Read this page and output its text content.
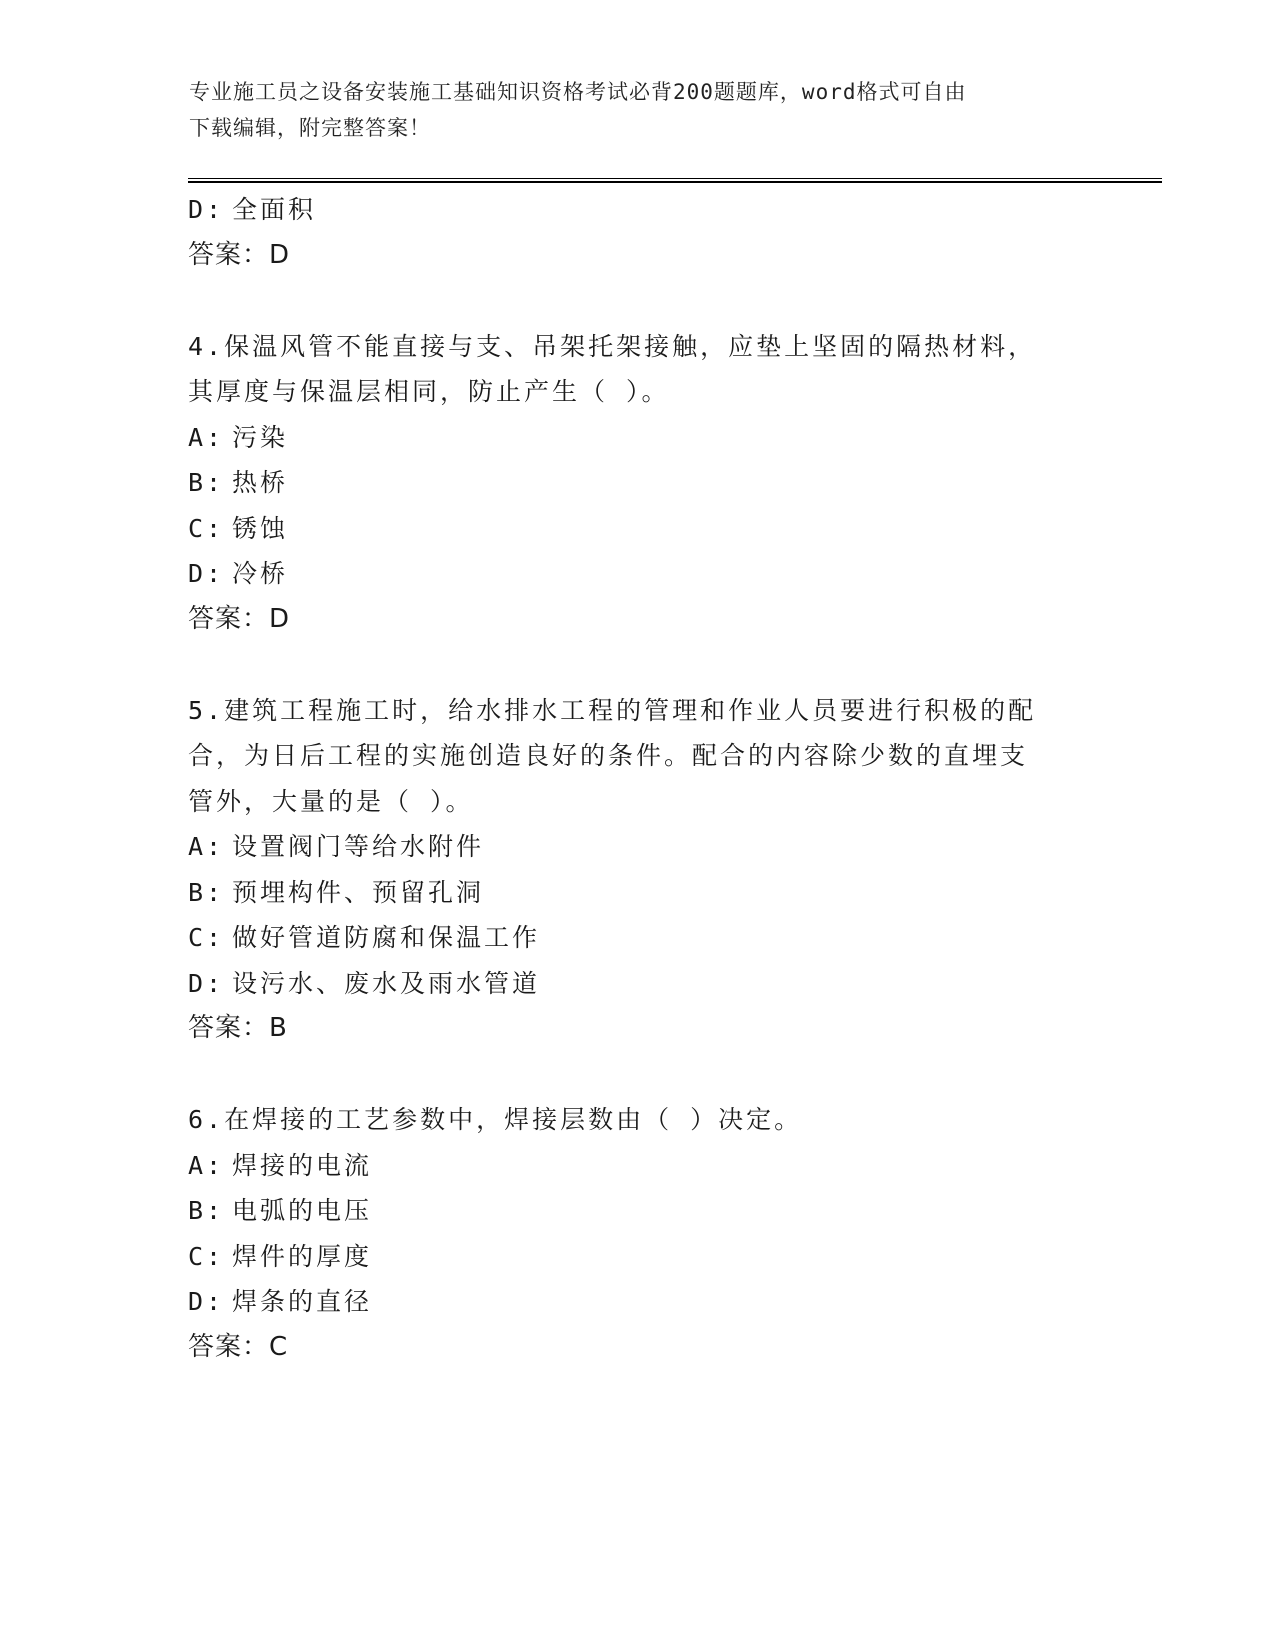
专业施工员之设备安装施工基础知识资格考试必背200题题库，word格式可自由
下载编辑，附完整答案！
D: 全面积
答案：D
4.保温风管不能直接与支、吊架托架接触，应垫上坚固的隔热材料，
其厚度与保温层相同，防止产生（ ）。
A: 污染
B: 热桥
C: 锈蚀
D: 冷桥
答案：D
5.建筑工程施工时，给水排水工程的管理和作业人员要进行积极的配
合，为日后工程的实施创造良好的条件。配合的内容除少数的直埋支
管外，大量的是（ ）。
A: 设置阀门等给水附件
B: 预埋构件、预留孔洞
C: 做好管道防腐和保温工作
D: 设污水、废水及雨水管道
答案：B
6.在焊接的工艺参数中，焊接层数由（ ）决定。
A: 焊接的电流
B: 电弧的电压
C: 焊件的厚度
D: 焊条的直径
答案：C
